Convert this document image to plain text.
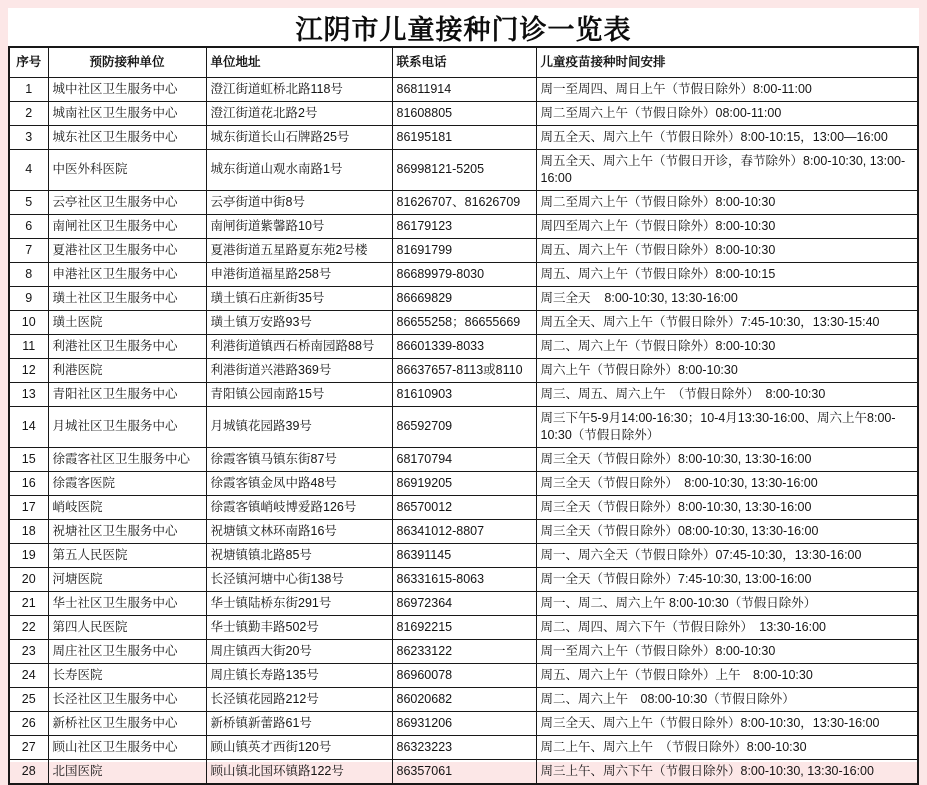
江阴市儿童接种门诊一览表
序号	预防接种单位	单位地址	联系电话	儿童疫苗接种时间安排
1	城中社区卫生服务中心	澄江街道虹桥北路118号	86811914	周一至周四、周日上午（节假日除外）8:00-11:00
2	城南社区卫生服务中心	澄江街道花北路2号	81608805	周二至周六上午（节假日除外）08:00-11:00
3	城东社区卫生服务中心	城东街道长山石牌路25号	86195181	周五全天、周六上午（节假日除外）8:00-10:15，13:00—16:00
4	中医外科医院	城东街道山观水南路1号	86998121-5205	周五全天、周六上午（节假日开诊，春节除外）8:00-10:30, 13:00-16:00
5	云亭社区卫生服务中心	云亭街道中街8号	81626707、81626709	周二至周六上午（节假日除外）8:00-10:30
6	南闸社区卫生服务中心	南闸街道紫馨路10号	86179123	周四至周六上午（节假日除外）8:00-10:30
7	夏港社区卫生服务中心	夏港街道五星路夏东苑2号楼	81691799	周五、周六上午（节假日除外）8:00-10:30
8	申港社区卫生服务中心	申港街道福星路258号	86689979-8030	周五、周六上午（节假日除外）8:00-10:15
9	璜土社区卫生服务中心	璜土镇石庄新街35号	86669829	周三全天    8:00-10:30, 13:30-16:00
10	璜土医院	璜土镇万安路93号	86655258；86655669	周五全天、周六上午（节假日除外）7:45-10:30，13:30-15:40
11	利港社区卫生服务中心	利港街道镇西石桥南园路88号	86601339-8033	周二、周六上午（节假日除外）8:00-10:30
12	利港医院	利港街道兴港路369号	86637657-8113或8110	周六上午（节假日除外）8:00-10:30
13	青阳社区卫生服务中心	青阳镇公园南路15号	81610903	周三、周五、周六上午　（节假日除外）　8:00-10:30
14	月城社区卫生服务中心	月城镇花园路39号	86592709	周三下午5-9月14:00-16:30；10-4月13:30-16:00、周六上午8:00-10:30（节假日除外）
15	徐霞客社区卫生服务中心	徐霞客镇马镇东街87号	68170794	周三全天（节假日除外）8:00-10:30, 13:30-16:00
16	徐霞客医院	徐霞客镇金凤中路48号	86919205	周三全天（节假日除外）　8:00-10:30, 13:30-16:00
17	峭岐医院	徐霞客镇峭岐博爱路126号	86570012	周三全天（节假日除外）8:00-10:30, 13:30-16:00
18	祝塘社区卫生服务中心	祝塘镇文林环南路16号	86341012-8807	周三全天（节假日除外）08:00-10:30, 13:30-16:00
19	第五人民医院	祝塘镇镇北路85号	86391145	周一、周六全天（节假日除外）07:45-10:30，13:30-16:00
20	河塘医院	长泾镇河塘中心街138号	86331615-8063	周一全天（节假日除外）7:45-10:30, 13:00-16:00
21	华士社区卫生服务中心	华士镇陆桥东街291号	86972364	周一、周二、周六上午 8:00-10:30（节假日除外）
22	第四人民医院	华士镇勤丰路502号	81692215	周二、周四、周六下午（节假日除外）　13:30-16:00
23	周庄社区卫生服务中心	周庄镇西大街20号	86233122	周一至周六上午（节假日除外）8:00-10:30
24	长寿医院	周庄镇长寿路135号	86960078	周五、周六上午（节假日除外）上午　8:00-10:30
25	长泾社区卫生服务中心	长泾镇花园路212号	86020682	周二、周六上午　08:00-10:30（节假日除外）
26	新桥社区卫生服务中心	新桥镇新蕾路61号	86931206	周三全天、周六上午（节假日除外）8:00-10:30，13:30-16:00
27	顾山社区卫生服务中心	顾山镇英才西街120号	86323223	周二上午、周六上午　（节假日除外）8:00-10:30
28	北国医院	顾山镇北国环镇路122号	86357061	周三上午、周六下午（节假日除外）8:00-10:30, 13:30-16:00
